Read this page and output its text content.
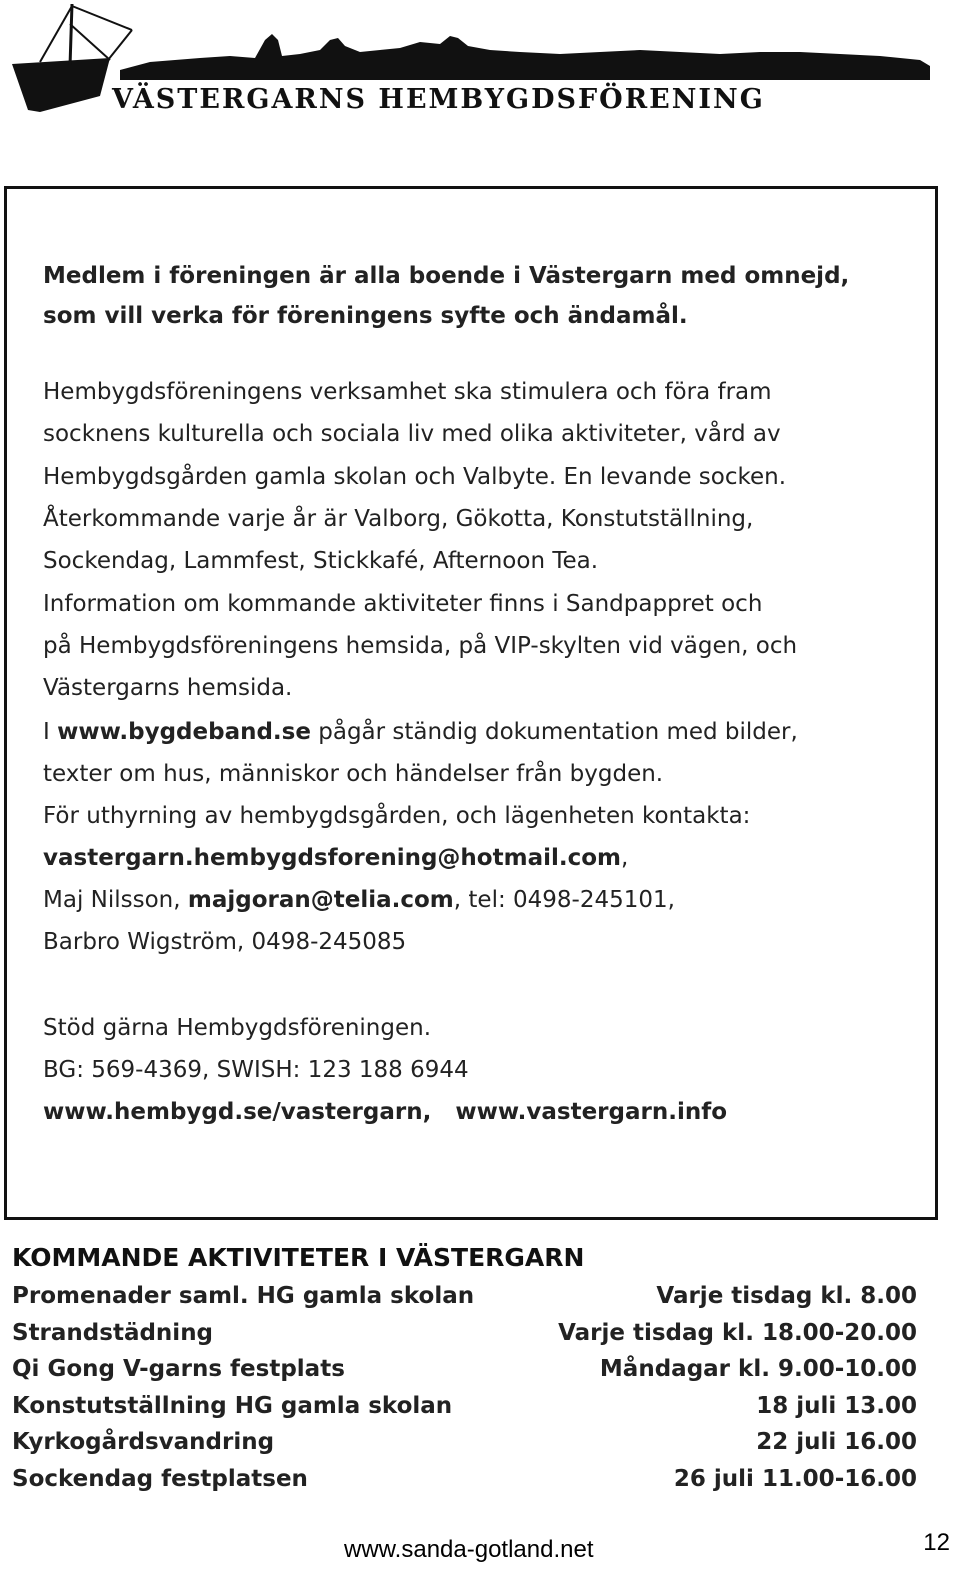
VÄSTERGARNS HEMBYGDSFÖRENING

Medlem i föreningen är alla boende i Västergarn med omnejd,

som vill verka för föreningens syfte och ändamål.

Hembygdsföreningens verksamhet ska stimulera och föra fram

socknens kulturella och sociala liv med olika aktiviteter, vård av

Hembygdsgården gamla skolan och Valbyte. En levande socken.

Återkommande varje år är Valborg, Gökotta, Konstutställning,

Sockendag, Lammfest, Stickkafé, Afternoon Tea.

Information om kommande aktiviteter finns i Sandpappret och

på Hembygdsföreningens hemsida, på VIP-skylten vid vägen, och

Västergarns hemsida.

I www.bygdeband.se pågår ständig dokumentation med bilder,

texter om hus, människor och händelser från bygden.

För uthyrning av hembygdsgården, och lägenheten kontakta:

vastergarn.hembygdsforening@hotmail.com,

Maj Nilsson, majgoran@telia.com, tel: 0498-245101,

Barbro Wigström, 0498-245085

Stöd gärna Hembygdsföreningen.

BG: 569-4369, SWISH: 123 188 6944

www.hembygd.se/vastergarn, www.vastergarn.info

KOMMANDE AKTIVITETER I VÄSTERGARN

Promenader saml. HG gamla skolan	Varje tisdag kl. 8.00
Strandstädning	Varje tisdag kl. 18.00-20.00
Qi Gong V-garns festplats	Måndagar kl. 9.00-10.00
Konstutställning HG gamla skolan	18 juli 13.00
Kyrkogårdsvandring	22 juli 16.00
Sockendag festplatsen	26 juli 11.00-16.00
www.sanda-gotland.net	12
